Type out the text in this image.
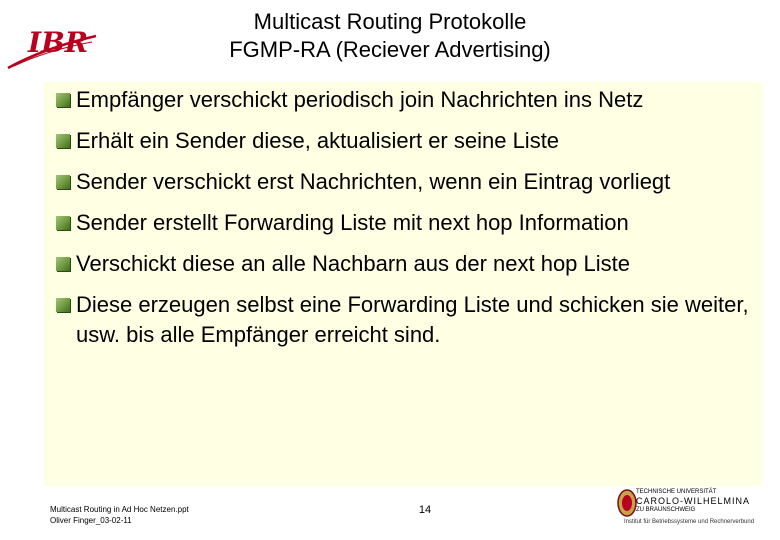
IBR
Multicast Routing Protokolle
FGMP-RA (Reciever Advertising)
Empfänger verschickt periodisch join Nachrichten ins Netz
Erhält ein Sender diese, aktualisiert er seine Liste
Sender verschickt erst Nachrichten, wenn ein Eintrag vorliegt
Sender erstellt Forwarding Liste mit next hop Information
Verschickt diese an alle Nachbarn aus der next hop Liste
Diese erzeugen selbst eine Forwarding Liste und schicken sie weiter, usw. bis alle Empfänger erreicht sind.
Multicast Routing in Ad Hoc Netzen.ppt
Oliver Finger_03-02-11
14
TECHNISCHE UNIVERSITÄT
CAROLO-WILHELMINA
ZU BRAUNSCHWEIG
Institut für Betriebssysteme und Rechnerverbund
